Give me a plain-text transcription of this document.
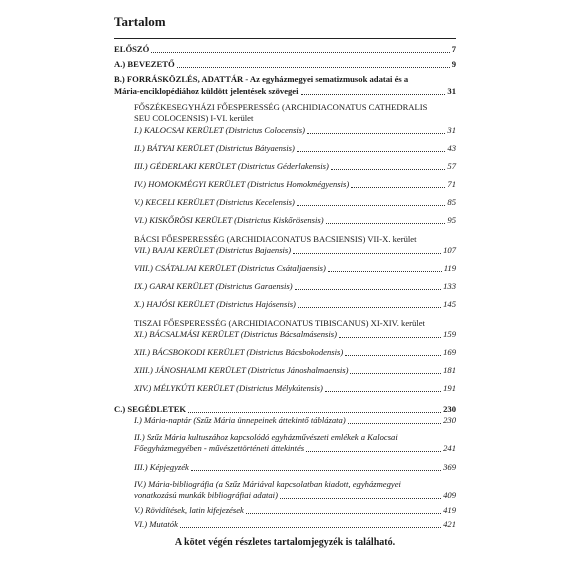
Tartalom
ELŐSZÓ	7
A.) BEVEZETŐ	9
B.) FORRÁSKÖZLÉS, ADATTÁR - Az egyházmegyei sematizmusok adatai és a
Mária-enciklopédiához küldött jelentések szövegei	31
FŐSZÉKESEGYHÁZI FŐESPERESSÉG (ARCHIDIACONATUS CATHEDRALIS
SEU COLOCENSIS) I-VI. kerület
I.) KALOCSAI KERÜLET (Districtus Colocensis)	31
II.) BÁTYAI KERÜLET (Districtus Bátyaensis)	43
III.) GÉDERLAKI KERÜLET (Districtus Géderlakensis)	57
IV.) HOMOKMÉGYI KERÜLET (Districtus Homokmégyensis)	71
V.) KECELI KERÜLET (Districtus Kecelensis)	85
VI.) KISKŐRÖSI KERÜLET (Districtus Kiskőrösensis)	95
BÁCSI FŐESPERESSÉG (ARCHIDIACONATUS BACSIENSIS) VII-X. kerület
VII.) BAJAI KERÜLET (Districtus Bajaensis)	107
VIII.) CSÁTALJAI KERÜLET (Districtus Csátaljaensis)	119
IX.) GARAI KERÜLET (Districtus Garaensis)	133
X.) HAJÓSI KERÜLET (Districtus Hajósensis)	145
TISZAI FŐESPERESSÉG (ARCHIDIACONATUS TIBISCANUS) XI-XIV. kerület
XI.) BÁCSALMÁSI KERÜLET (Districtus Bácsalmásensis)	159
XII.) BÁCSBOKODI KERÜLET (Districtus Bácsbokodensis)	169
XIII.) JÁNOSHALMI KERÜLET (Districtus Jánoshalmaensis)	181
XIV.) MÉLYKÚTI KERÜLET (Districtus Mélykútensis)	191
C.) SEGÉDLETEK	230
I.) Mária-naptár (Szűz Mária ünnepeinek áttekintő táblázata)	230
II.) Szűz Mária kultuszához kapcsolódó egyházművészeti emlékek a Kalocsai
Főegyházmegyében - művészettörténeti áttekintés	241
III.) Képjegyzék	369
IV.) Mária-bibliográfia (a Szűz Máriával kapcsolatban kiadott, egyházmegyei
vonatkozású munkák bibliográfiai adatai)	409
V.) Rövidítések, latin kifejezések	419
VI.) Mutatók	421
A kötet végén részletes tartalomjegyzék is található.
